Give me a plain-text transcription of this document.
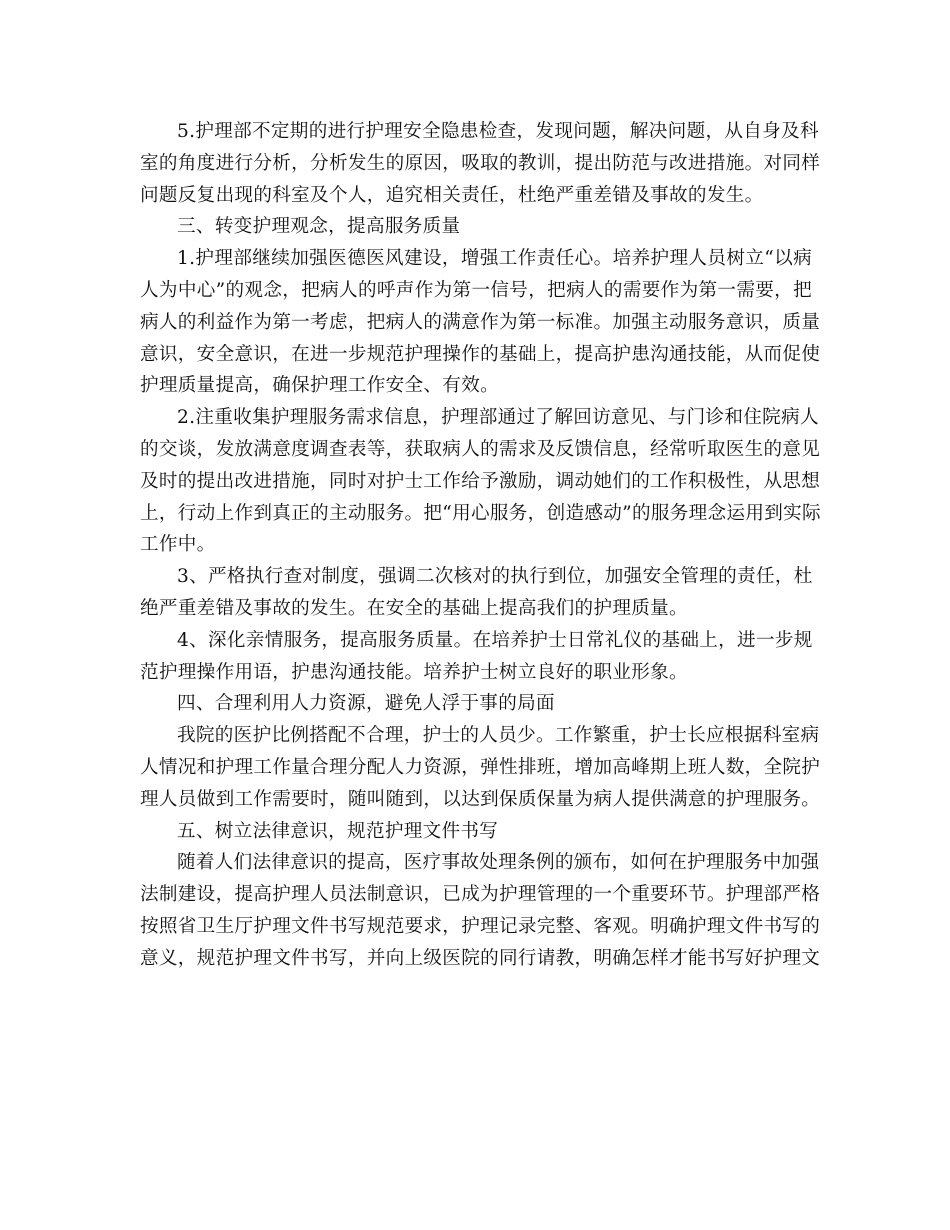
5.护理部不定期的进行护理安全隐患检查，发现问题，解决问题，从自身及科
室的角度进行分析，分析发生的原因，吸取的教训，提出防范与改进措施。对同样
问题反复出现的科室及个人，追究相关责任，杜绝严重差错及事故的发生。
三、转变护理观念，提高服务质量
1.护理部继续加强医德医风建设，增强工作责任心。培养护理人员树立“以病
人为中心”的观念，把病人的呼声作为第一信号，把病人的需要作为第一需要，把
病人的利益作为第一考虑，把病人的满意作为第一标准。加强主动服务意识，质量
意识，安全意识，在进一步规范护理操作的基础上，提高护患沟通技能，从而促使
护理质量提高，确保护理工作安全、有效。
2.注重收集护理服务需求信息，护理部通过了解回访意见、与门诊和住院病人
的交谈，发放满意度调查表等，获取病人的需求及反馈信息，经常听取医生的意见
及时的提出改进措施，同时对护士工作给予激励，调动她们的工作积极性，从思想
上，行动上作到真正的主动服务。把“用心服务，创造感动”的服务理念运用到实际
工作中。
3、严格执行查对制度，强调二次核对的执行到位，加强安全管理的责任，杜
绝严重差错及事故的发生。在安全的基础上提高我们的护理质量。
4、深化亲情服务，提高服务质量。在培养护士日常礼仪的基础上，进一步规
范护理操作用语，护患沟通技能。培养护士树立良好的职业形象。
四、合理利用人力资源，避免人浮于事的局面
我院的医护比例搭配不合理，护士的人员少。工作繁重，护士长应根据科室病
人情况和护理工作量合理分配人力资源，弹性排班，增加高峰期上班人数，全院护
理人员做到工作需要时，随叫随到，以达到保质保量为病人提供满意的护理服务。
五、树立法律意识，规范护理文件书写
随着人们法律意识的提高，医疗事故处理条例的颁布，如何在护理服务中加强
法制建设，提高护理人员法制意识，已成为护理管理的一个重要环节。护理部严格
按照省卫生厅护理文件书写规范要求，护理记录完整、客观。明确护理文件书写的
意义，规范护理文件书写，并向上级医院的同行请教，明确怎样才能书写好护理文
